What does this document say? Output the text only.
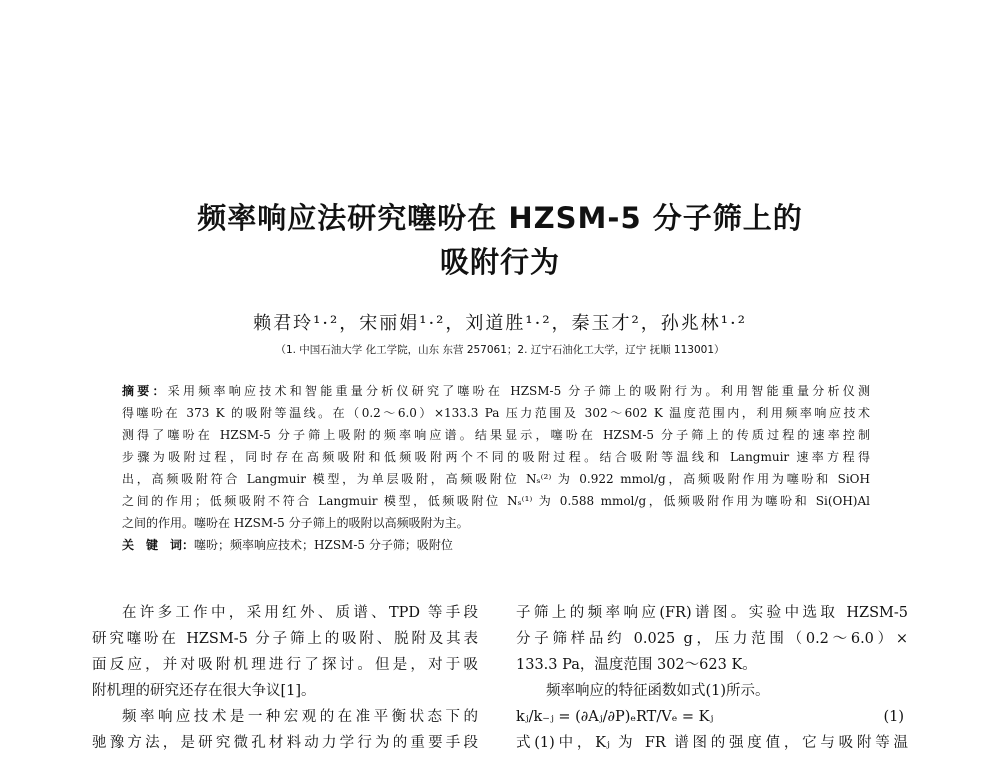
频率响应法研究噻吩在 HZSM-5 分子筛上的
吸附行为
赖君玲¹·²，宋丽娟¹·²，刘道胜¹·²，秦玉才²，孙兆林¹·²
（1. 中国石油大学 化工学院，山东 东营 257061；2. 辽宁石油化工大学，辽宁 抚顺 113001）
摘要：采用频率响应技术和智能重量分析仪研究了噻吩在 HZSM-5 分子筛上的吸附行为。利用智能重量分析仪测
得噻吩在 373 K 的吸附等温线。在（0.2～6.0）×133.3 Pa 压力范围及 302～602 K 温度范围内，利用频率响应技术
测得了噻吩在 HZSM-5 分子筛上吸附的频率响应谱。结果显示，噻吩在 HZSM-5 分子筛上的传质过程的速率控制
步骤为吸附过程，同时存在高频吸附和低频吸附两个不同的吸附过程。结合吸附等温线和 Langmuir 速率方程得
出，高频吸附符合 Langmuir 模型，为单层吸附，高频吸附位 Nₛ⁽²⁾ 为 0.922 mmol/g，高频吸附作用为噻吩和 SiOH
之间的作用；低频吸附不符合 Langmuir 模型，低频吸附位 Nₛ⁽¹⁾ 为 0.588 mmol/g，低频吸附作用为噻吩和 Si(OH)Al
之间的作用。噻吩在 HZSM-5 分子筛上的吸附以高频吸附为主。
关　键　词：噻吩；频率响应技术；HZSM-5 分子筛；吸附位
在许多工作中，采用红外、质谱、TPD 等手段
研究噻吩在 HZSM-5 分子筛上的吸附、脱附及其表
面反应，并对吸附机理进行了探讨。但是，对于吸
附机理的研究还存在很大争议[1]。
频率响应技术是一种宏观的在准平衡状态下的
驰豫方法，是研究微孔材料动力学行为的重要手段
子筛上的频率响应(FR)谱图。实验中选取 HZSM-5
分子筛样品约 0.025 g，压力范围（0.2～6.0）×
133.3 Pa，温度范围 302～623 K。
频率响应的特征函数如式(1)所示。
kⱼ/k₋ⱼ = (∂Aⱼ/∂P)ₑRT/Vₑ = Kⱼ	(1)
式(1)中，Kⱼ 为 FR 谱图的强度值，它与吸附等温
